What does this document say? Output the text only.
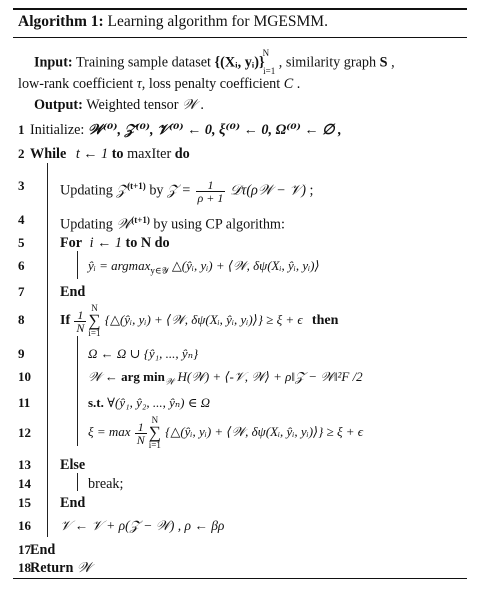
Algorithm 1: Learning algorithm for MGESMM.
Input: Training sample dataset {(Xᵢ, yᵢ)}$^N_{i=1}$ , similarity graph S ,
low-rank coefficient τ, loss penalty coefficient C .
Output: Weighted tensor 𝒲 .
1 Initialize: 𝒲⁽⁰⁾, 𝒵⁽⁰⁾, 𝒱⁽⁰⁾ ← 0, ξ⁽⁰⁾ ← 0, Ω⁽⁰⁾ ← ∅ ,
2 While t ← 1 to maxIter do
3	Updating 𝒵$^{(t+1)}$ by 𝒵 = $\frac{1}{\rho + 1}$ 𝒟τ(ρ𝒲 − 𝒱) ;
4	Updating 𝒲$^{(t+1)}$ by using CP algorithm:
5	For i ← 1 to N do
6	ŷᵢ = argmax$_{y\in 𝒴}$ △(ŷᵢ, yᵢ) + ⟨𝒲, δψ(Xᵢ, ŷᵢ, yᵢ)⟩
7	End
8	If $\frac{1}{N}$
N
∑
i=1 {△(ŷᵢ, yᵢ) + ⟨𝒲, δψ(Xᵢ, ŷᵢ, yᵢ)⟩} ≥ ξ + ϵ then
9	Ω ← Ω ∪ {ŷ₁, ..., ŷₙ}
10	𝒲 ← arg $\min_𝒲$ H(𝒲) + ⟨-𝒱, 𝒲⟩ + ρ‖𝒵 − 𝒲‖²F /2
11	s.t. ∀(ŷ₁, ŷ₂, ..., ŷₙ) ∈ Ω
12	$\xi = \max \frac{1}{N}$
N
∑
i=1 {△(ŷᵢ, yᵢ) + ⟨𝒲, δψ(Xᵢ, ŷᵢ, yᵢ)⟩} ≥ ξ + ϵ
13 Else
14	break;
15 End
16 𝒱 ← 𝒱 + ρ(𝒵 − 𝒲) , ρ ← βρ
17 End
18 Return 𝒲
